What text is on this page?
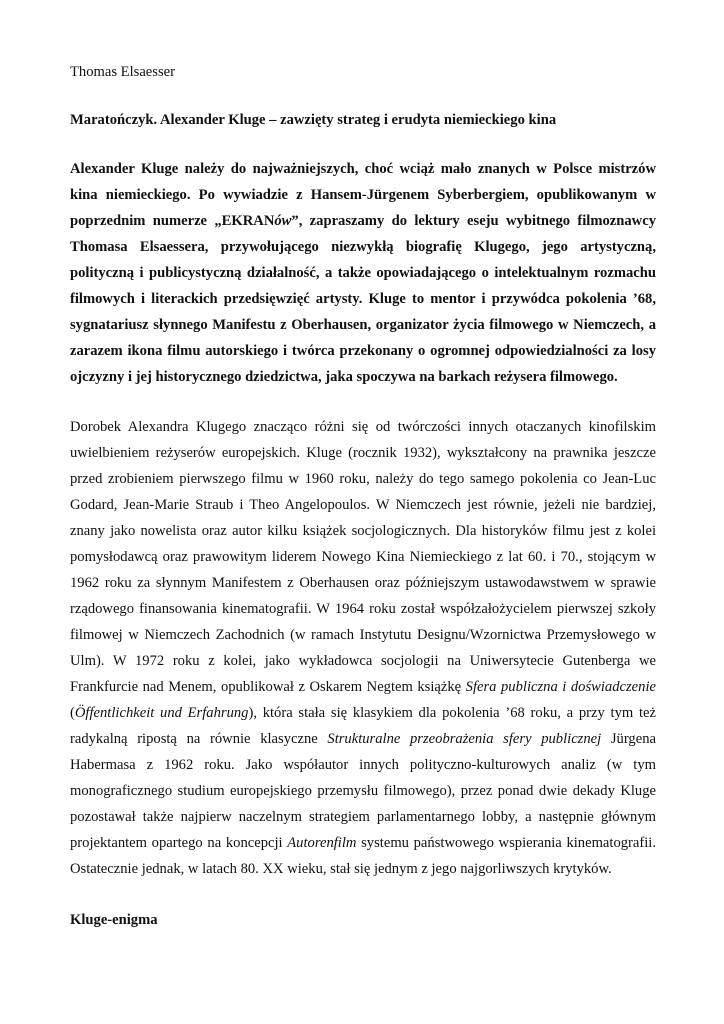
Thomas Elsaesser

Maratończyk. Alexander Kluge – zawzięty strateg i erudyta niemieckiego kina

Alexander Kluge należy do najważniejszych, choć wciąż mało znanych w Polsce mistrzów kina niemieckiego. Po wywiadzie z Hansem-Jürgenem Syberbergiem, opublikowanym w poprzednim numerze „EKRANów”, zapraszamy do lektury eseju wybitnego filmoznawcy Thomasa Elsaessera, przywołującego niezwykłą biografię Klugego, jego artystyczną, polityczną i publicystyczną działalność, a także opowiadającego o intelektualnym rozmachu filmowych i literackich przedsięwzięć artysty. Kluge to mentor i przywódca pokolenia ’68, sygnatariusz słynnego Manifestu z Oberhausen, organizator życia filmowego w Niemczech, a zarazem ikona filmu autorskiego i twórca przekonany o ogromnej odpowiedzialności za losy ojczyzny i jej historycznego dziedzictwa, jaka spoczywa na barkach reżysera filmowego.

Dorobek Alexandra Klugego znacząco różni się od twórczości innych otaczanych kinofilskim uwielbieniem reżyserów europejskich. Kluge (rocznik 1932), wykształcony na prawnika jeszcze przed zrobieniem pierwszego filmu w 1960 roku, należy do tego samego pokolenia co Jean-Luc Godard, Jean-Marie Straub i Theo Angelopoulos. W Niemczech jest równie, jeżeli nie bardziej, znany jako nowelista oraz autor kilku książek socjologicznych. Dla historyków filmu jest z kolei pomysłodawcą oraz prawowitym liderem Nowego Kina Niemieckiego z lat 60. i 70., stojącym w 1962 roku za słynnym Manifestem z Oberhausen oraz późniejszym ustawodawstwem w sprawie rządowego finansowania kinematografii. W 1964 roku został współzałożycielem pierwszej szkoły filmowej w Niemczech Zachodnich (w ramach Instytutu Designu/Wzornictwa Przemysłowego w Ulm). W 1972 roku z kolei, jako wykładowca socjologii na Uniwersytecie Gutenberga we Frankfurcie nad Menem, opublikował z Oskarem Negtem książkę Sfera publiczna i doświadczenie (Öffentlichkeit und Erfahrung), która stała się klasykiem dla pokolenia ’68 roku, a przy tym też radykalną ripostą na równie klasyczne Strukturalne przeobrażenia sfery publicznej Jürgena Habermasa z 1962 roku. Jako współautor innych polityczno-kulturowych analiz (w tym monograficznego studium europejskiego przemysłu filmowego), przez ponad dwie dekady Kluge pozostawał także najpierw naczelnym strategiem parlamentarnego lobby, a następnie głównym projektantem opartego na koncepcji Autorenfilm systemu państwowego wspierania kinematografii. Ostatecznie jednak, w latach 80. XX wieku, stał się jednym z jego najgorliwszych krytyków.

Kluge-enigma
